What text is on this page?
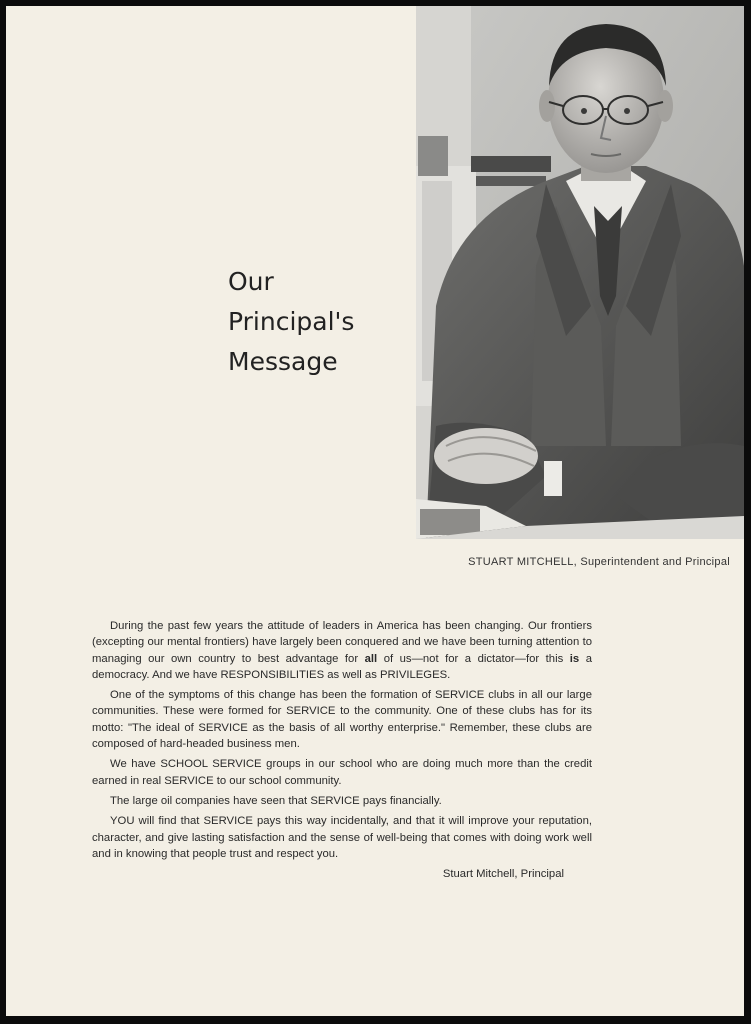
Our
Principal's
Message
STUART MITCHELL, Superintendent and Principal

During the past few years the attitude of leaders in America has been changing. Our frontiers (excepting our mental frontiers) have largely been conquered and we have been turning attention to managing our own country to best advantage for all of us—not for a dictator—for this is a democracy. And we have RESPONSIBILITIES as well as PRIVILEGES.

One of the symptoms of this change has been the formation of SERVICE clubs in all our large communities. These were formed for SERVICE to the community. One of these clubs has for its motto: "The ideal of SERVICE as the basis of all worthy enterprise." Remember, these clubs are composed of hard-headed business men.

We have SCHOOL SERVICE groups in our school who are doing much more than the credit earned in real SERVICE to our school community.

The large oil companies have seen that SERVICE pays financially.

YOU will find that SERVICE pays this way incidentally, and that it will improve your reputation, character, and give lasting satisfaction and the sense of well-being that comes with doing work well and in knowing that people trust and respect you.

Stuart Mitchell, Principal
